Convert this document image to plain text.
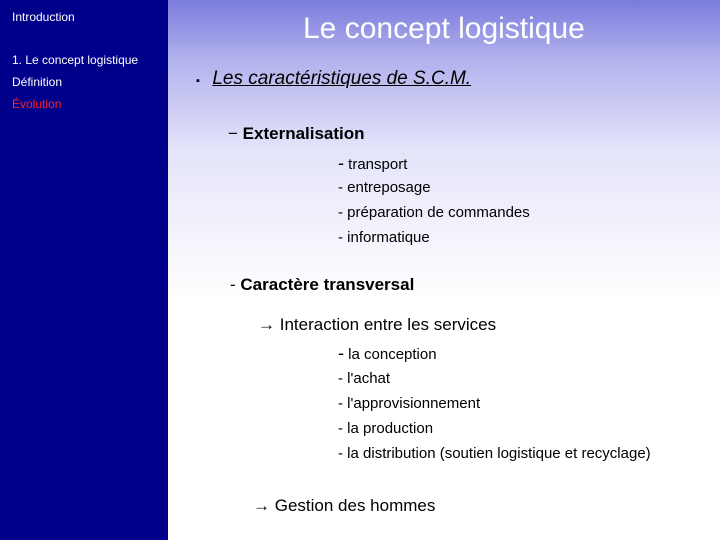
Introduction
1. Le concept logistique
Définition
Évolution
Le concept logistique
▪ Les caractéristiques de S.C.M.
− Externalisation
- transport
- entreposage
- préparation de commandes
- informatique
- Caractère transversal
→ Interaction entre les services
- la conception
- l'achat
- l'approvisionnement
- la production
- la distribution (soutien logistique et recyclage)
→ Gestion des hommes
